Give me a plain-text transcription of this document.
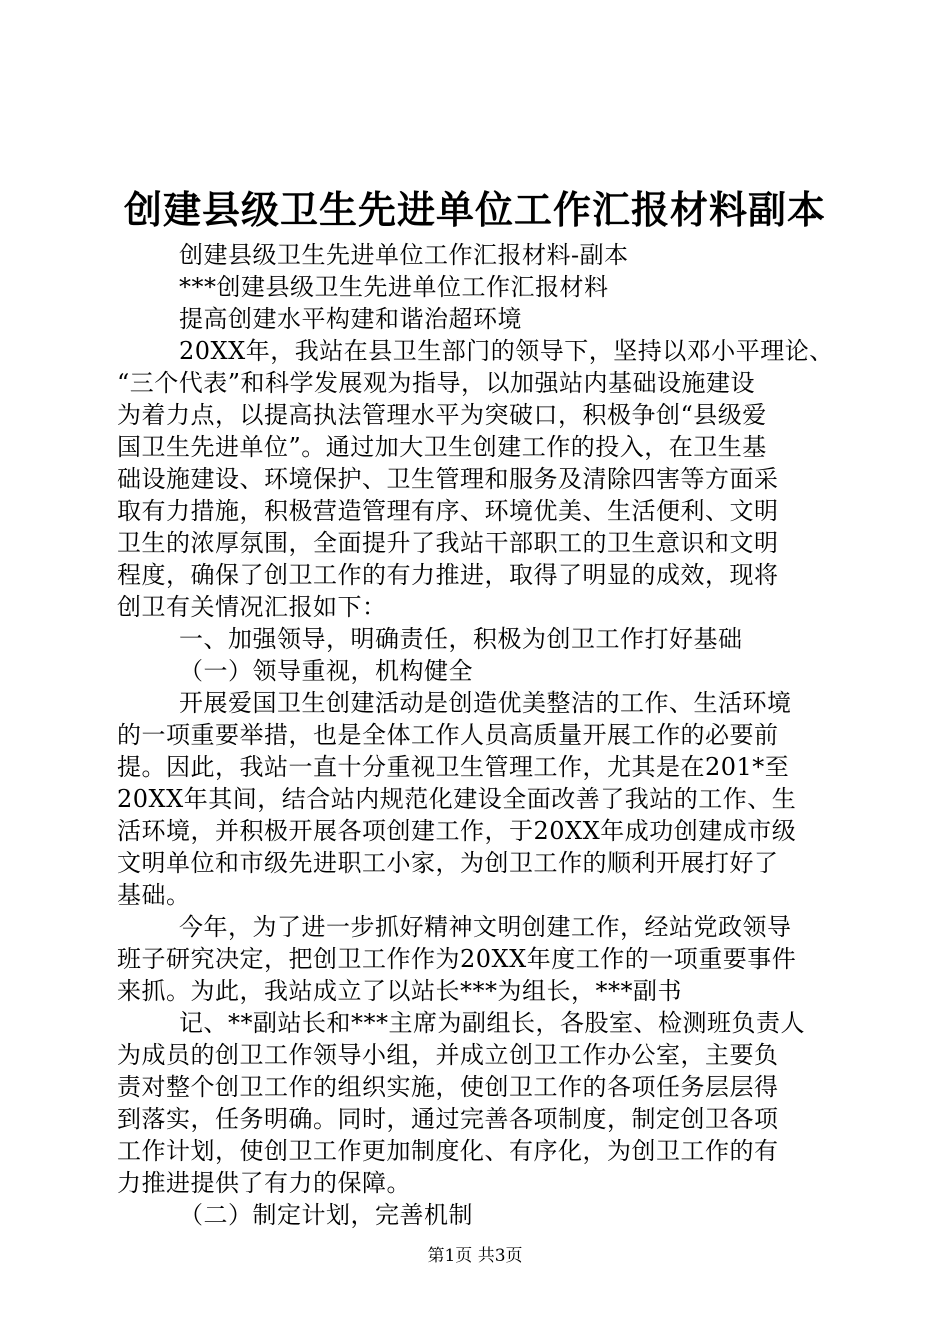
创建县级卫生先进单位工作汇报材料副本
创建县级卫生先进单位工作汇报材料-副本
***创建县级卫生先进单位工作汇报材料
提高创建水平构建和谐治超环境
20XX年，我站在县卫生部门的领导下，坚持以邓小平理论、
“三个代表”和科学发展观为指导，以加强站内基础设施建设
为着力点，以提高执法管理水平为突破口，积极争创“县级爱
国卫生先进单位”。通过加大卫生创建工作的投入，在卫生基
础设施建设、环境保护、卫生管理和服务及清除四害等方面采
取有力措施，积极营造管理有序、环境优美、生活便利、文明
卫生的浓厚氛围，全面提升了我站干部职工的卫生意识和文明
程度，确保了创卫工作的有力推进，取得了明显的成效，现将
创卫有关情况汇报如下：
一、加强领导，明确责任，积极为创卫工作打好基础
（一）领导重视，机构健全
开展爱国卫生创建活动是创造优美整洁的工作、生活环境
的一项重要举措，也是全体工作人员高质量开展工作的必要前
提。因此，我站一直十分重视卫生管理工作，尤其是在201*至
20XX年其间，结合站内规范化建设全面改善了我站的工作、生
活环境，并积极开展各项创建工作，于20XX年成功创建成市级
文明单位和市级先进职工小家，为创卫工作的顺利开展打好了
基础。
今年，为了进一步抓好精神文明创建工作，经站党政领导
班子研究决定，把创卫工作作为20XX年度工作的一项重要事件
来抓。为此，我站成立了以站长***为组长，***副书
记、**副站长和***主席为副组长，各股室、检测班负责人
为成员的创卫工作领导小组，并成立创卫工作办公室，主要负
责对整个创卫工作的组织实施，使创卫工作的各项任务层层得
到落实，任务明确。同时，通过完善各项制度，制定创卫各项
工作计划，使创卫工作更加制度化、有序化，为创卫工作的有
力推进提供了有力的保障。
（二）制定计划，完善机制
第1页 共3页
